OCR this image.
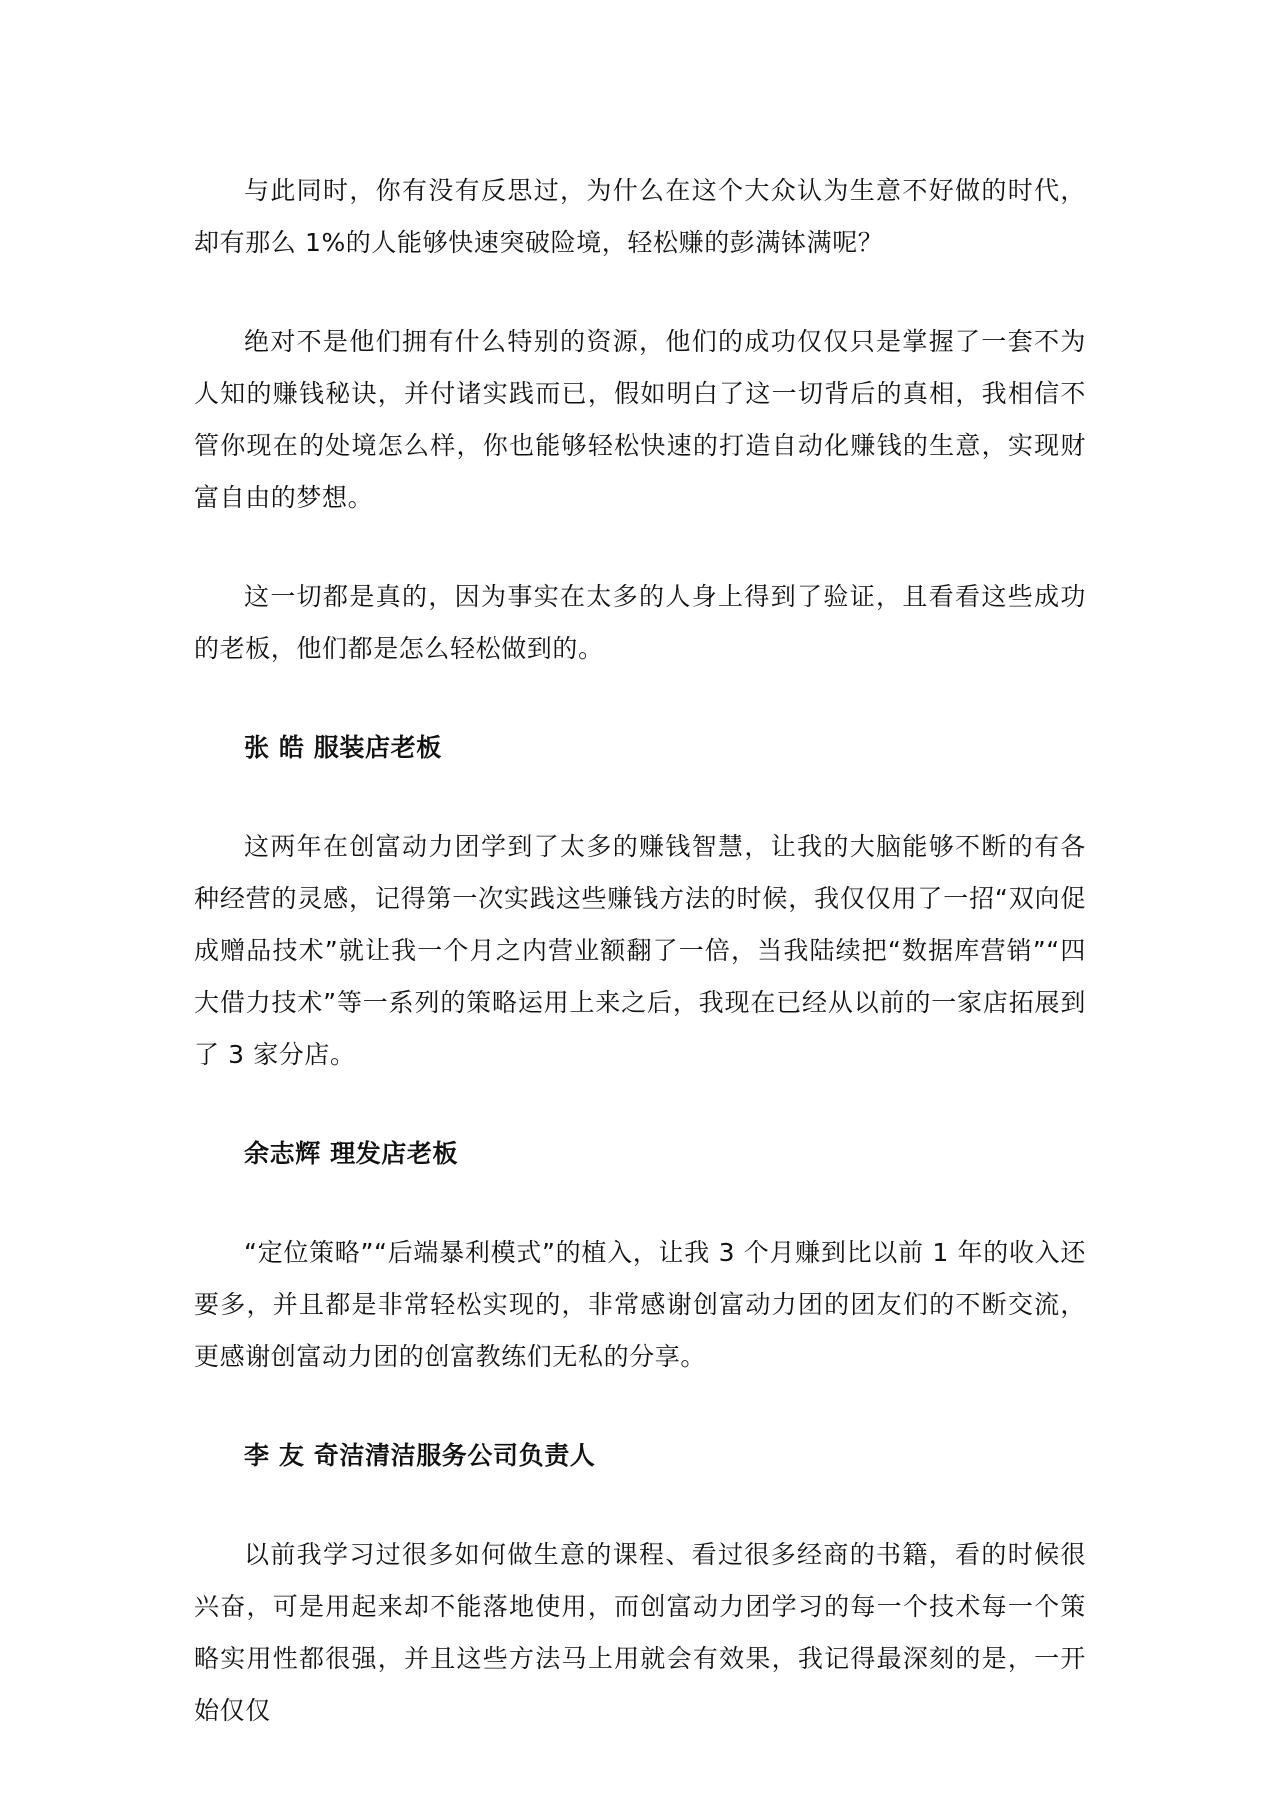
与此同时，你有没有反思过，为什么在这个大众认为生意不好做的时代，却有那么 1%的人能够快速突破险境，轻松赚的彭满钵满呢？

绝对不是他们拥有什么特别的资源，他们的成功仅仅只是掌握了一套不为人知的赚钱秘诀，并付诸实践而已，假如明白了这一切背后的真相，我相信不管你现在的处境怎么样，你也能够轻松快速的打造自动化赚钱的生意，实现财富自由的梦想。

这一切都是真的，因为事实在太多的人身上得到了验证，且看看这些成功的老板，他们都是怎么轻松做到的。

张 皓 服装店老板

这两年在创富动力团学到了太多的赚钱智慧，让我的大脑能够不断的有各种经营的灵感，记得第一次实践这些赚钱方法的时候，我仅仅用了一招“双向促成赠品技术”就让我一个月之内营业额翻了一倍，当我陆续把“数据库营销”“四大借力技术”等一系列的策略运用上来之后，我现在已经从以前的一家店拓展到了 3 家分店。

余志辉 理发店老板

“定位策略”“后端暴利模式”的植入，让我 3 个月赚到比以前 1 年的收入还要多，并且都是非常轻松实现的，非常感谢创富动力团的团友们的不断交流，更感谢创富动力团的创富教练们无私的分享。

李 友 奇洁清洁服务公司负责人

以前我学习过很多如何做生意的课程、看过很多经商的书籍，看的时候很兴奋，可是用起来却不能落地使用，而创富动力团学习的每一个技术每一个策略实用性都很强，并且这些方法马上用就会有效果，我记得最深刻的是，一开始仅仅
